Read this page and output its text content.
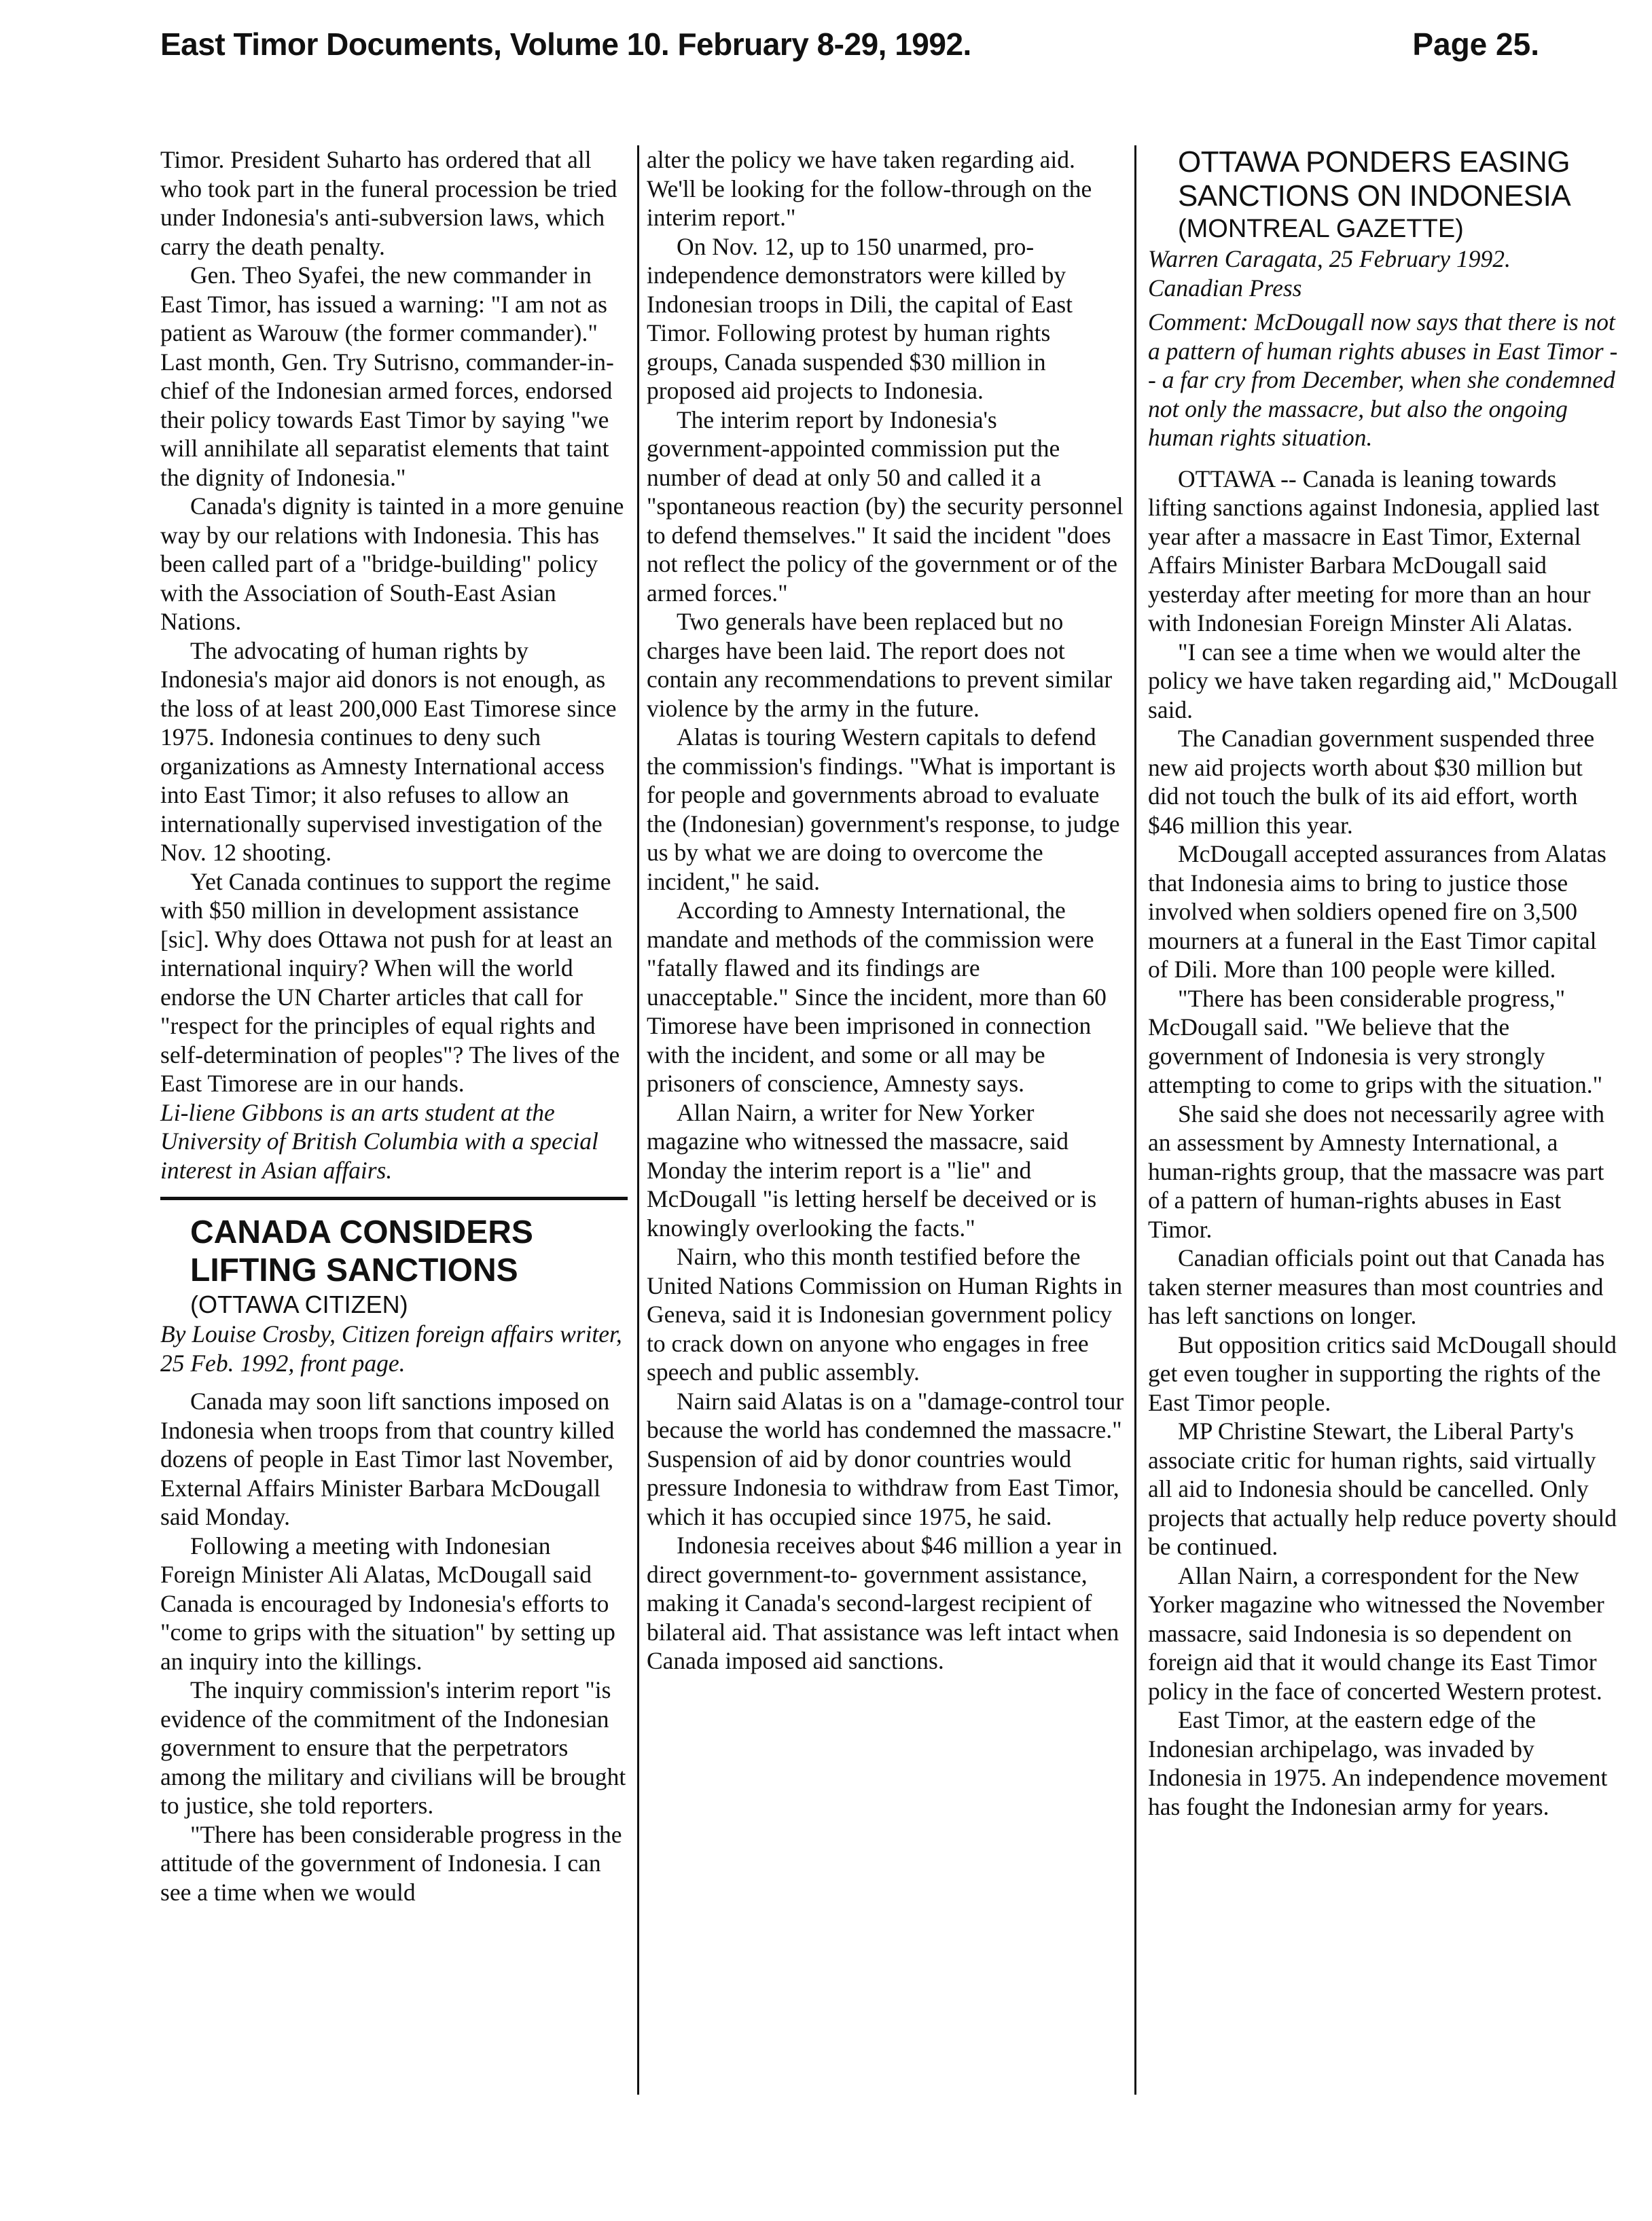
East Timor Documents, Volume 10. February 8-29, 1992.	Page 25.

Timor. President Suharto has ordered that all who took part in the funeral procession be tried under Indonesia's anti-subversion laws, which carry the death penalty.

Gen. Theo Syafei, the new commander in East Timor, has issued a warning: "I am not as patient as Warouw (the former commander)." Last month, Gen. Try Sutrisno, commander-in-chief of the Indonesian armed forces, endorsed their policy towards East Timor by saying "we will annihilate all separatist elements that taint the dignity of Indonesia."

Canada's dignity is tainted in a more genuine way by our relations with Indonesia. This has been called part of a "bridge-building" policy with the Association of South-East Asian Nations.

The advocating of human rights by Indonesia's major aid donors is not enough, as the loss of at least 200,000 East Timorese since 1975. Indonesia continues to deny such organizations as Amnesty International access into East Timor; it also refuses to allow an internationally supervised investigation of the Nov. 12 shooting.

Yet Canada continues to support the regime with $50 million in development assistance [sic]. Why does Ottawa not push for at least an international inquiry? When will the world endorse the UN Charter articles that call for "respect for the principles of equal rights and self-determination of peoples"? The lives of the East Timorese are in our hands.

Li-liene Gibbons is an arts student at the University of British Columbia with a special interest in Asian affairs.

CANADA CONSIDERS

LIFTING SANCTIONS

(OTTAWA CITIZEN)

By Louise Crosby, Citizen foreign affairs writer, 25 Feb. 1992, front page.

Canada may soon lift sanctions imposed on Indonesia when troops from that country killed dozens of people in East Timor last November, External Affairs Minister Barbara McDougall said Monday.

Following a meeting with Indonesian Foreign Minister Ali Alatas, McDougall said Canada is encouraged by Indonesia's efforts to "come to grips with the situation" by setting up an inquiry into the killings.

The inquiry commission's interim report "is evidence of the commitment of the Indonesian government to ensure that the perpetrators among the military and civilians will be brought to justice, she told reporters.

"There has been considerable progress in the attitude of the government of Indonesia. I can see a time when we would

alter the policy we have taken regarding aid. We'll be looking for the follow-through on the interim report."

On Nov. 12, up to 150 unarmed, pro-independence demonstrators were killed by Indonesian troops in Dili, the capital of East Timor. Following protest by human rights groups, Canada suspended $30 million in proposed aid projects to Indonesia.

The interim report by Indonesia's government-appointed commission put the number of dead at only 50 and called it a "spontaneous reaction (by) the security personnel to defend themselves." It said the incident "does not reflect the policy of the government or of the armed forces."

Two generals have been replaced but no charges have been laid. The report does not contain any recommendations to prevent similar violence by the army in the future.

Alatas is touring Western capitals to defend the commission's findings. "What is important is for people and governments abroad to evaluate the (Indonesian) government's response, to judge us by what we are doing to overcome the incident," he said.

According to Amnesty International, the mandate and methods of the commission were "fatally flawed and its findings are unacceptable." Since the incident, more than 60 Timorese have been imprisoned in connection with the incident, and some or all may be prisoners of conscience, Amnesty says.

Allan Nairn, a writer for New Yorker magazine who witnessed the massacre, said Monday the interim report is a "lie" and McDougall "is letting herself be deceived or is knowingly overlooking the facts."

Nairn, who this month testified before the United Nations Commission on Human Rights in Geneva, said it is Indonesian government policy to crack down on anyone who engages in free speech and public assembly.

Nairn said Alatas is on a "damage-control tour because the world has condemned the massacre." Suspension of aid by donor countries would pressure Indonesia to withdraw from East Timor, which it has occupied since 1975, he said.

Indonesia receives about $46 million a year in direct government-to- government assistance, making it Canada's second-largest recipient of bilateral aid. That assistance was left intact when Canada imposed aid sanctions.

OTTAWA PONDERS EASING

SANCTIONS ON INDONESIA

(MONTREAL GAZETTE)

Warren Caragata, 25 February 1992.

Canadian Press

Comment: McDougall now says that there is not a pattern of human rights abuses in East Timor -- a far cry from December, when she condemned not only the massacre, but also the ongoing human rights situation.

OTTAWA -- Canada is leaning towards lifting sanctions against Indonesia, applied last year after a massacre in East Timor, External Affairs Minister Barbara McDougall said yesterday after meeting for more than an hour with Indonesian Foreign Minster Ali Alatas.

"I can see a time when we would alter the policy we have taken regarding aid," McDougall said.

The Canadian government suspended three new aid projects worth about $30 million but did not touch the bulk of its aid effort, worth $46 million this year.

McDougall accepted assurances from Alatas that Indonesia aims to bring to justice those involved when soldiers opened fire on 3,500 mourners at a funeral in the East Timor capital of Dili. More than 100 people were killed.

"There has been considerable progress," McDougall said. "We believe that the government of Indonesia is very strongly attempting to come to grips with the situation."

She said she does not necessarily agree with an assessment by Amnesty International, a human-rights group, that the massacre was part of a pattern of human-rights abuses in East Timor.

Canadian officials point out that Canada has taken sterner measures than most countries and has left sanctions on longer.

But opposition critics said McDougall should get even tougher in supporting the rights of the East Timor people.

MP Christine Stewart, the Liberal Party's associate critic for human rights, said virtually all aid to Indonesia should be cancelled. Only projects that actually help reduce poverty should be continued.

Allan Nairn, a correspondent for the New Yorker magazine who witnessed the November massacre, said Indonesia is so dependent on foreign aid that it would change its East Timor policy in the face of concerted Western protest.

East Timor, at the eastern edge of the Indonesian archipelago, was invaded by Indonesia in 1975. An independence movement has fought the Indonesian army for years.
